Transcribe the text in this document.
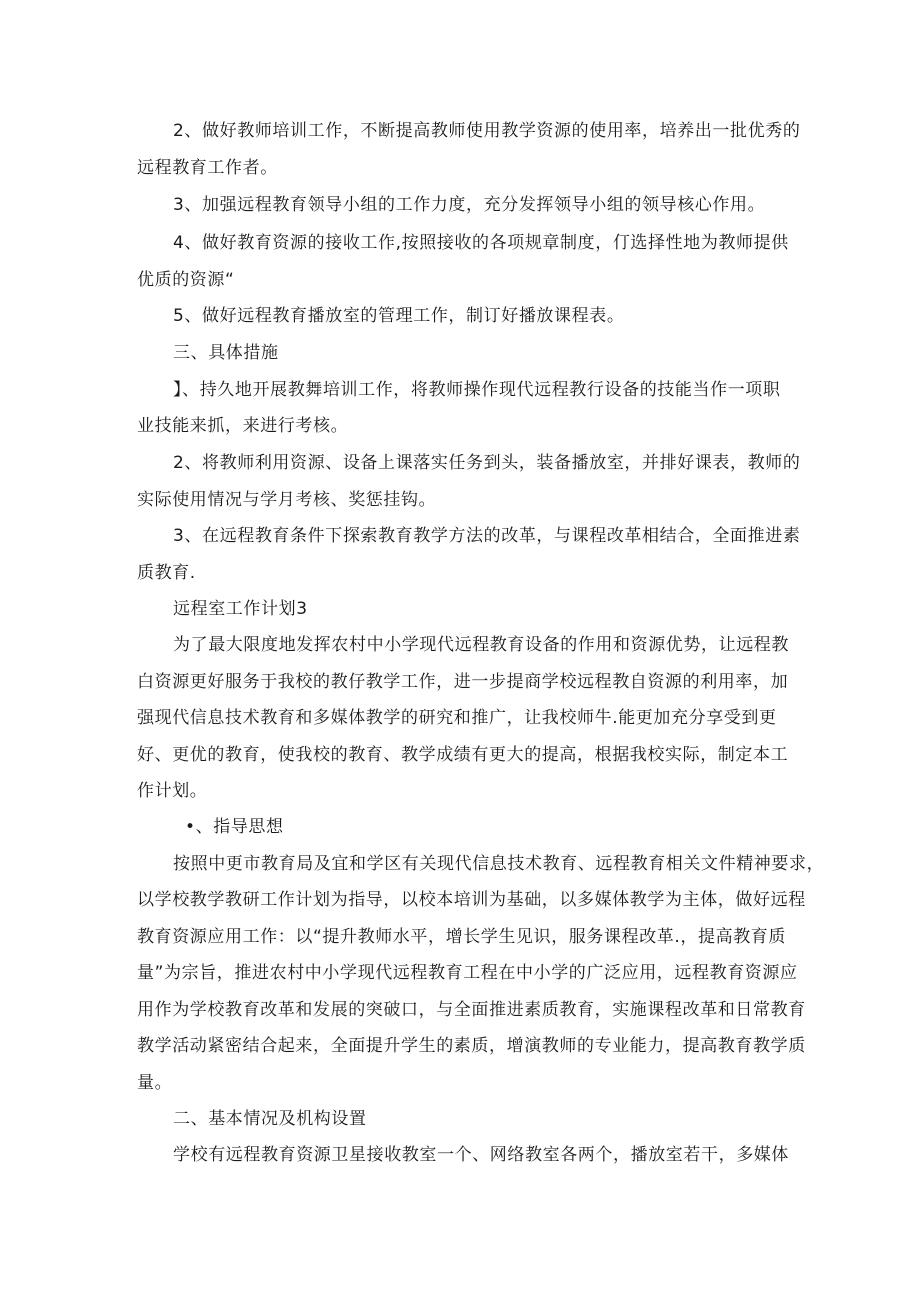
2、做好教师培训工作，不断提高教师使用教学资源的使用率，培养出一批优秀的

远程教育工作者。

3、加强远程教育领导小组的工作力度，充分发挥领导小组的领导核心作用。

4、做好教育资源的接收工作,按照接收的各项规章制度，仃选择性地为教师提供

优质的资源“

5、做好远程教育播放室的管理工作，制订好播放课程表。

三、具体措施

】、持久地开展教舞培训工作，将教师操作现代远程教行设备的技能当作一项职

业技能来抓，来进行考核。

2、将教师利用资源、设备上课落实任务到头，装备播放室，并排好课表，教师的

实际使用情况与学月考核、奖惩挂钩。

3、在远程教育条件下探索教育教学方法的改革，与课程改革相结合，全面推进素

质教育.

远程室工作计划3

为了最大限度地发挥农村中小学现代远程教育设备的作用和资源优势，让远程教

白资源更好服务于我校的教仔教学工作，进一步提商学校远程教自资源的利用率，加

强现代信息技术教育和多媒体教学的研究和推广，让我校师牛.能更加充分享受到更

好、更优的教育，使我校的教育、教学成绩有更大的提高，根据我校实际，制定本工

作计划。

•、指导思想

按照中更市教育局及宜和学区有关现代信息技术教育、远程教育相关文件精神要求，

以学校教学教研工作计划为指导，以校本培训为基础，以多媒体教学为主体，做好远程

教育资源应用工作：以“提升教师水平，增长学生见识，服务课程改革.，提高教育质

量”为宗旨，推进农村中小学现代远程教育工程在中小学的广泛应用，远程教育资源应

用作为学校教育改革和发展的突破口，与全面推进素质教育，实施课程改革和日常教育

教学活动紧密结合起来，全面提升学生的素质，增演教师的专业能力，提高教育教学质

量。

二、基本情况及机构设置

学校有远程教育资源卫星接收教室一个、网络教室各两个，播放室若干，多媒体
